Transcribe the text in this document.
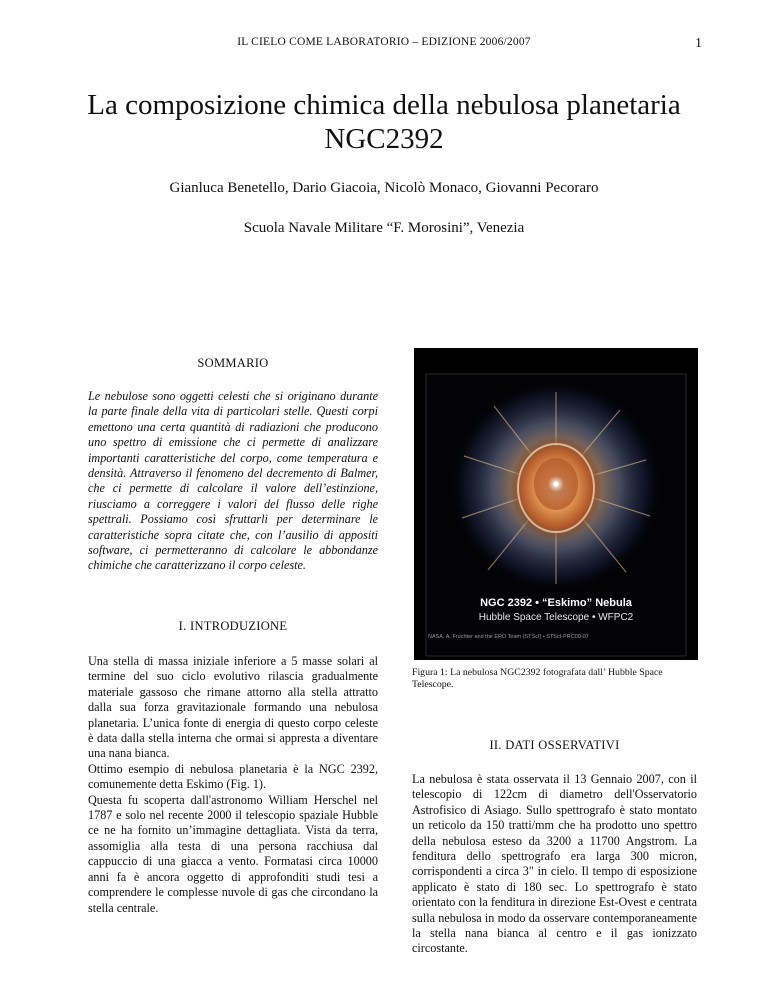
IL CIELO COME LABORATORIO – EDIZIONE 2006/2007	1
La composizione chimica della nebulosa planetaria NGC2392
Gianluca Benetello, Dario Giacoia, Nicolò Monaco, Giovanni Pecoraro
Scuola Navale Militare “F. Morosini”, Venezia
SOMMARIO
Le nebulose sono oggetti celesti che si originano durante la parte finale della vita di particolari stelle. Questi corpi emettono una certa quantità di radiazioni che producono uno spettro di emissione che ci permette di analizzare importanti caratteristiche del corpo, come temperatura e densità. Attraverso il fenomeno del decremento di Balmer, che ci permette di calcolare il valore dell’estinzione, riusciamo a correggere i valori del flusso delle righe spettrali. Possiamo così sfruttarli per determinare le caratteristiche sopra citate che, con l’ausilio di appositi software, ci permetteranno di calcolare le abbondanze chimiche che caratterizzano il corpo celeste.
I. INTRODUZIONE

Una stella di massa iniziale inferiore a 5 masse solari al termine del suo ciclo evolutivo rilascia gradualmente materiale gassoso che rimane attorno alla stella attratto dalla sua forza gravitazionale formando una nebulosa planetaria. L’unica fonte di energia di questo corpo celeste è data dalla stella interna che ormai si appresta a diventare una nana bianca.

Ottimo esempio di nebulosa planetaria è la NGC 2392, comunemente detta Eskimo (Fig. 1).

Questa fu scoperta dall'astronomo William Herschel nel 1787 e solo nel recente 2000 il telescopio spaziale Hubble ce ne ha fornito un’immagine dettagliata. Vista da terra, assomiglia alla testa di una persona racchiusa dal cappuccio di una giacca a vento. Formatasi circa 10000 anni fa è ancora oggetto di approfonditi studi tesi a comprendere le complesse nuvole di gas che circondano la stella centrale.

NGC 2392 • “Eskimo” Nebula
Hubble Space Telescope • WFPC2
NASA, A. Fruchter and the ERO Team (STScI) • STScI-PRC00-07
Figura 1: La nebulosa NGC2392 fotografata dall’ Hubble Space Telescope.
II. DATI OSSERVATIVI
La nebulosa è stata osservata il 13 Gennaio 2007, con il telescopio di 122cm di diametro dell'Osservatorio Astrofisico di Asiago. Sullo spettrografo è stato montato un reticolo da 150 tratti/mm che ha prodotto uno spettro della nebulosa esteso da 3200 a 11700 Angstrom. La fenditura dello spettrografo era larga 300 micron, corrispondenti a circa 3" in cielo. Il tempo di esposizione applicato è stato di 180 sec. Lo spettrografo è stato orientato con la fenditura in direzione Est-Ovest e centrata sulla nebulosa in modo da osservare contemporaneamente la stella nana bianca al centro e il gas ionizzato circostante.
